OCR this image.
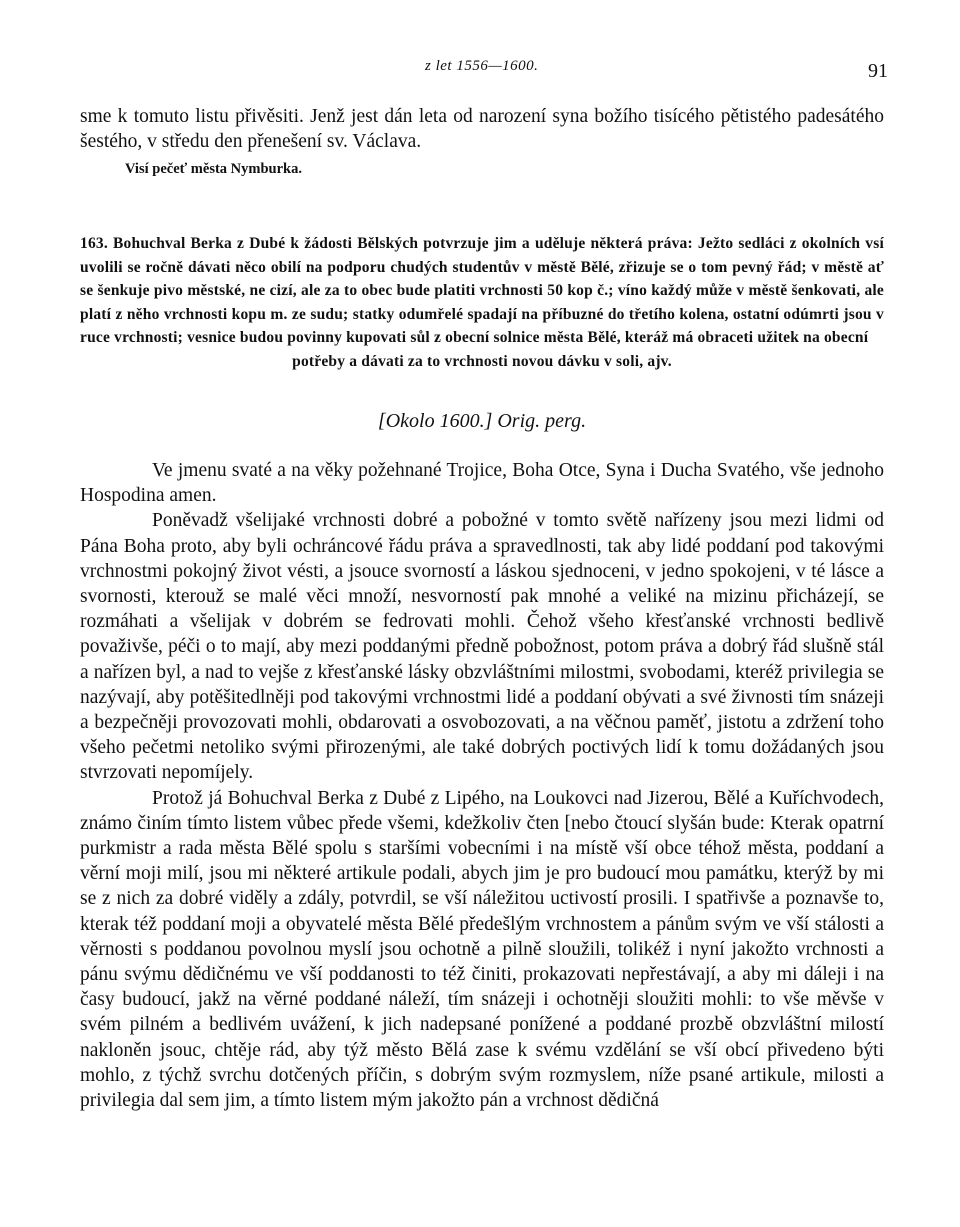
z let 1556—1600.	91

sme k tomuto listu přivěsiti. Jenž jest dán leta od narození syna božího tisícého pětistého padesátého šestého, v středu den přenešení sv. Václava.

Visí pečeť města Nymburka.

163. Bohuchval Berka z Dubé k žádosti Bělských potvrzuje jim a uděluje některá práva: Ježto sedláci z okolních vsí uvolili se ročně dávati něco obilí na podporu chudých studentův v městě Bělé, zřizuje se o tom pevný řád; v městě ať se šenkuje pivo městské, ne cizí, ale za to obec bude platiti vrchnosti 50 kop č.; víno každý může v městě šenkovati, ale platí z něho vrchnosti kopu m. ze sudu; statky odumřelé spadají na příbuzné do třetího kolena, ostatní odúmrti jsou v ruce vrchnosti; vesnice budou povinny kupovati sůl z obecní solnice města Bělé, kteráž má obraceti užitek na obecní

potřeby a dávati za to vrchnosti novou dávku v soli, ajv.

[Okolo 1600.] Orig. perg.

Ve jmenu svaté a na věky požehnané Trojice, Boha Otce, Syna i Ducha Svatého, vše jednoho Hospodina amen.

Poněvadž všelijaké vrchnosti dobré a pobožné v tomto světě nařízeny jsou mezi lidmi od Pána Boha proto, aby byli ochráncové řádu práva a spravedlnosti, tak aby lidé poddaní pod takovými vrchnostmi pokojný život vésti, a jsouce svorností a láskou sjednoceni, v jedno spokojeni, v té lásce a svornosti, kterouž se malé věci množí, nesvorností pak mnohé a veliké na mizinu přicházejí, se rozmáhati a všelijak v dobrém se fedrovati mohli. Čehož všeho křesťanské vrchnosti bedlivě považivše, péči o to mají, aby mezi poddanými předně pobožnost, potom práva a dobrý řád slušně stál a nařízen byl, a nad to vejše z křesťanské lásky obzvláštními milostmi, svobodami, kteréž privilegia se nazývají, aby potěšitedlněji pod takovými vrchnostmi lidé a poddaní obývati a své živnosti tím snázeji a bezpečněji provozovati mohli, obdarovati a osvobozovati, a na věčnou paměť, jistotu a zdržení toho všeho pečetmi netoliko svými přirozenými, ale také dobrých poctivých lidí k tomu dožádaných jsou stvrzovati nepomíjely.

Protož já Bohuchval Berka z Dubé z Lipého, na Loukovci nad Jizerou, Bělé a Kuříchvodech, známo činím tímto listem vůbec přede všemi, kdežkoliv čten [nebo čtoucí slyšán bude: Kterak opatrní purkmistr a rada města Bělé spolu s staršími vobecními i na místě vší obce téhož města, poddaní a věrní moji milí, jsou mi některé artikule podali, abych jim je pro budoucí mou památku, kterýž by mi se z nich za dobré viděly a zdály, potvrdil, se vší náležitou uctivostí prosili. I spatřivše a poznavše to, kterak též poddaní moji a obyvatelé města Bělé předešlým vrchnostem a pánům svým ve vší stálosti a věrnosti s poddanou povolnou myslí jsou ochotně a pilně sloužili, tolikéž i nyní jakožto vrchnosti a pánu svýmu dědičnému ve vší poddanosti to též činiti, prokazovati nepřestávají, a aby mi dáleji i na časy budoucí, jakž na věrné poddané náleží, tím snázeji i ochotněji sloužiti mohli: to vše měvše v svém pilném a bedlivém uvážení, k jich nadepsané ponížené a poddané prozbě obzvláštní milostí nakloněn jsouc, chtěje rád, aby týž město Bělá zase k svému vzdělání se vší obcí přivedeno býti mohlo, z týchž svrchu dotčených příčin, s dobrým svým rozmyslem, níže psané artikule, milosti a privilegia dal sem jim, a tímto listem mým jakožto pán a vrchnost dědičná
